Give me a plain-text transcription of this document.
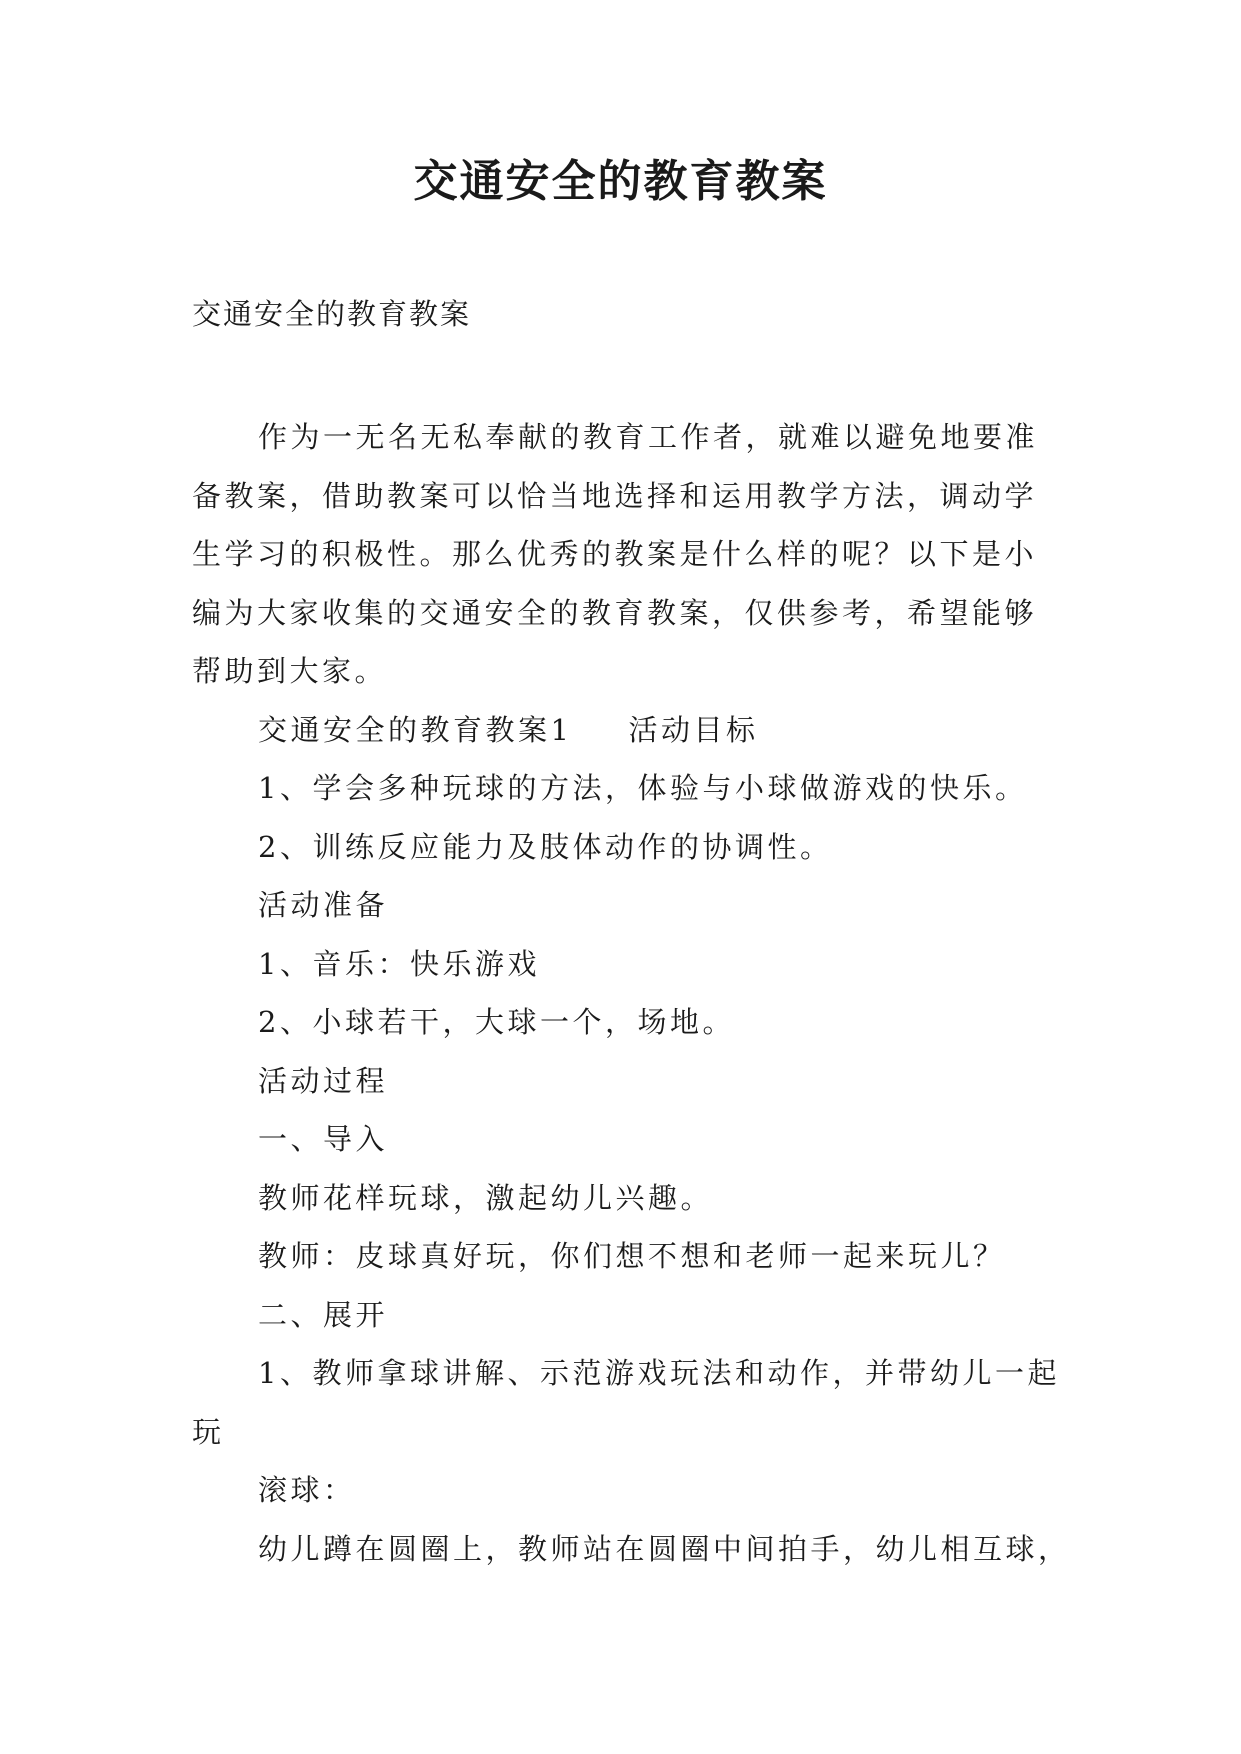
交通安全的教育教案
交通安全的教育教案

作为一无名无私奉献的教育工作者，就难以避免地要准备教案，借助教案可以恰当地选择和运用教学方法，调动学生学习的积极性。那么优秀的教案是什么样的呢？以下是小编为大家收集的交通安全的教育教案，仅供参考，希望能够帮助到大家。

交通安全的教育教案1 活动目标

1、学会多种玩球的方法，体验与小球做游戏的快乐。

2、训练反应能力及肢体动作的协调性。

活动准备

1、音乐：快乐游戏

2、小球若干，大球一个，场地。

活动过程

一、导入

教师花样玩球，激起幼儿兴趣。

教师：皮球真好玩，你们想不想和老师一起来玩儿？

二、展开

1、教师拿球讲解、示范游戏玩法和动作，并带幼儿一起玩

滚球：

幼儿蹲在圆圈上，教师站在圆圈中间拍手，幼儿相互球，
